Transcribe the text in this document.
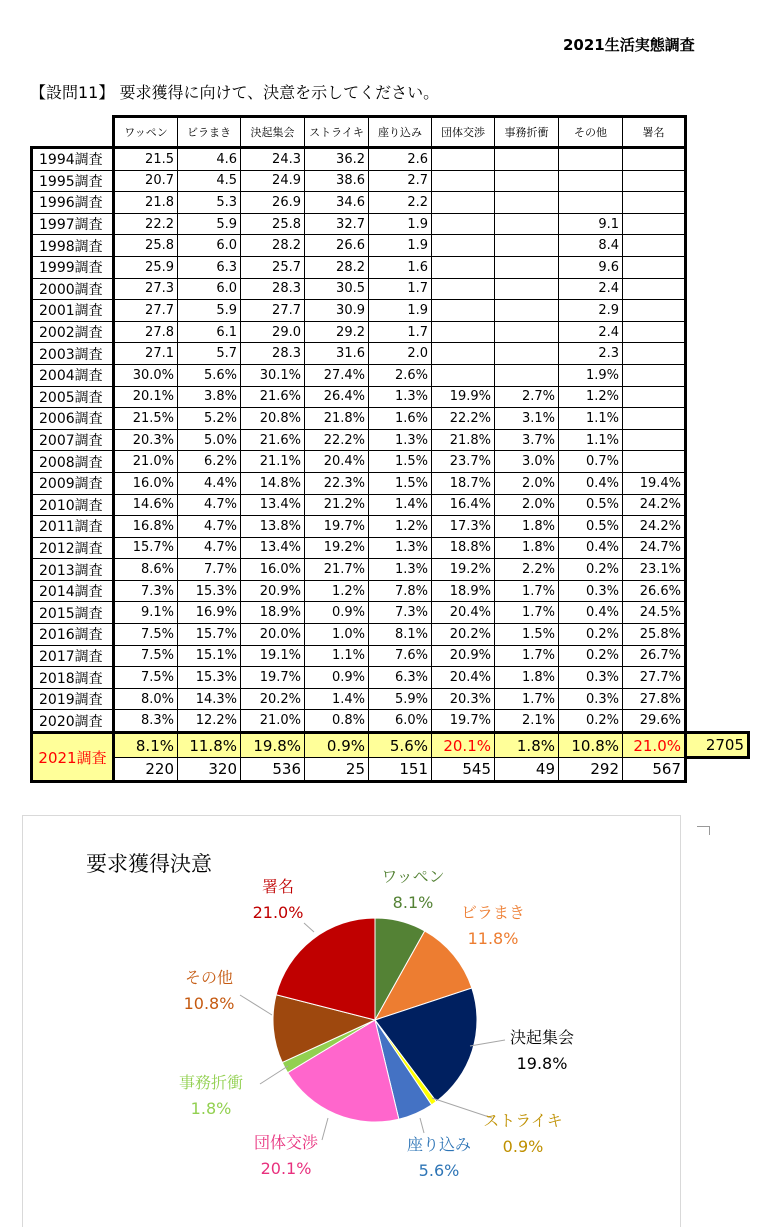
2021生活実態調査
【設問11】 要求獲得に向けて、決意を示してください。
	ワッペン	ビラまき	決起集会	ストライキ	座り込み	団体交渉	事務折衝	その他	署名	
1994調査	21.5	4.6	24.3	36.2	2.6					
1995調査	20.7	4.5	24.9	38.6	2.7					
1996調査	21.8	5.3	26.9	34.6	2.2					
1997調査	22.2	5.9	25.8	32.7	1.9			9.1		
1998調査	25.8	6.0	28.2	26.6	1.9			8.4		
1999調査	25.9	6.3	25.7	28.2	1.6			9.6		
2000調査	27.3	6.0	28.3	30.5	1.7			2.4		
2001調査	27.7	5.9	27.7	30.9	1.9			2.9		
2002調査	27.8	6.1	29.0	29.2	1.7			2.4		
2003調査	27.1	5.7	28.3	31.6	2.0			2.3		
2004調査	30.0%	5.6%	30.1%	27.4%	2.6%			1.9%		
2005調査	20.1%	3.8%	21.6%	26.4%	1.3%	19.9%	2.7%	1.2%		
2006調査	21.5%	5.2%	20.8%	21.8%	1.6%	22.2%	3.1%	1.1%		
2007調査	20.3%	5.0%	21.6%	22.2%	1.3%	21.8%	3.7%	1.1%		
2008調査	21.0%	6.2%	21.1%	20.4%	1.5%	23.7%	3.0%	0.7%		
2009調査	16.0%	4.4%	14.8%	22.3%	1.5%	18.7%	2.0%	0.4%	19.4%	
2010調査	14.6%	4.7%	13.4%	21.2%	1.4%	16.4%	2.0%	0.5%	24.2%	
2011調査	16.8%	4.7%	13.8%	19.7%	1.2%	17.3%	1.8%	0.5%	24.2%	
2012調査	15.7%	4.7%	13.4%	19.2%	1.3%	18.8%	1.8%	0.4%	24.7%	
2013調査	8.6%	7.7%	16.0%	21.7%	1.3%	19.2%	2.2%	0.2%	23.1%	
2014調査	7.3%	15.3%	20.9%	1.2%	7.8%	18.9%	1.7%	0.3%	26.6%	
2015調査	9.1%	16.9%	18.9%	0.9%	7.3%	20.4%	1.7%	0.4%	24.5%	
2016調査	7.5%	15.7%	20.0%	1.0%	8.1%	20.2%	1.5%	0.2%	25.8%	
2017調査	7.5%	15.1%	19.1%	1.1%	7.6%	20.9%	1.7%	0.2%	26.7%	
2018調査	7.5%	15.3%	19.7%	0.9%	6.3%	20.4%	1.8%	0.3%	27.7%	
2019調査	8.0%	14.3%	20.2%	1.4%	5.9%	20.3%	1.7%	0.3%	27.8%	
2020調査	8.3%	12.2%	21.0%	0.8%	6.0%	19.7%	2.1%	0.2%	29.6%	
2021調査	8.1%	11.8%	19.8%	0.9%	5.6%	20.1%	1.8%	10.8%	21.0%	2705
	220	320	536	25	151	545	49	292	567	
要求獲得決意
ワッペン
8.1%
ビラまき
11.8%
決起集会
19.8%
ストライキ
0.9%
座り込み
5.6%
団体交渉
20.1%
事務折衝
1.8%
その他
10.8%
署名
21.0%
